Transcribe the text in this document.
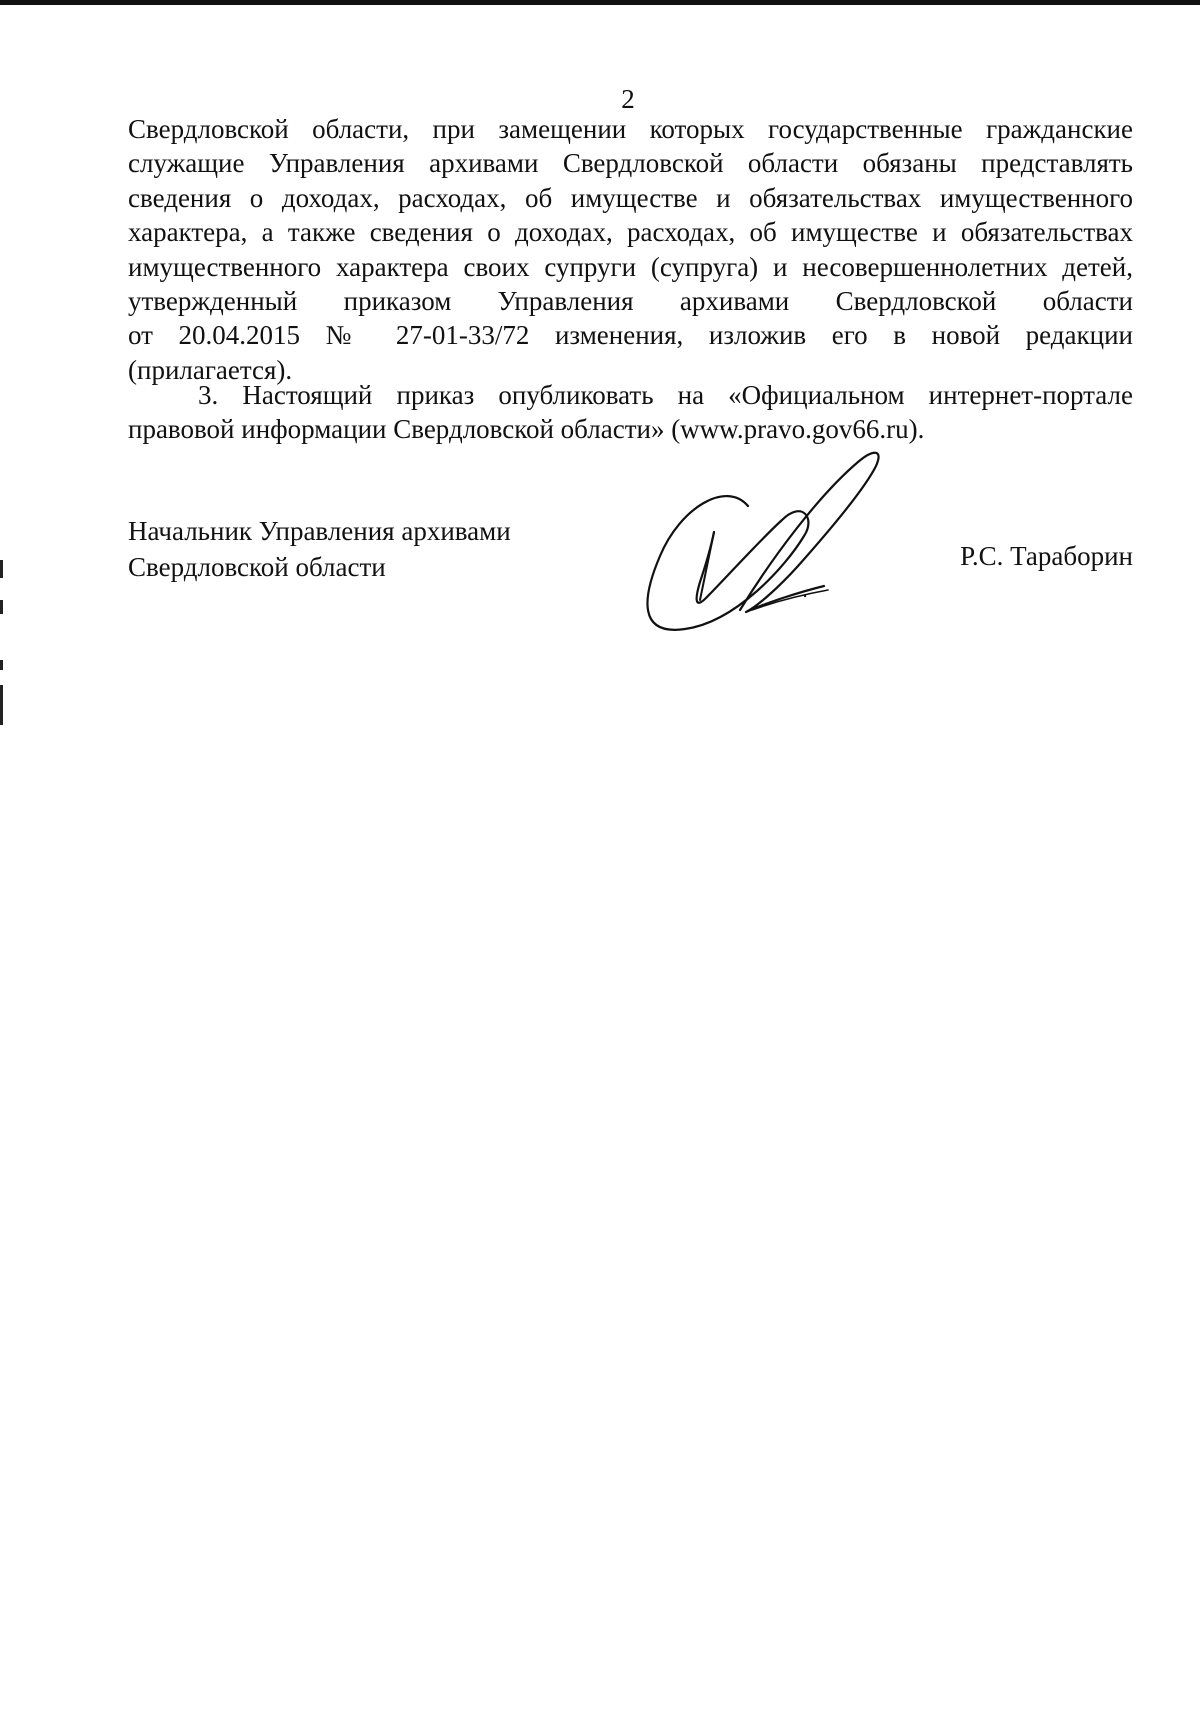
2

Свердловской области, при замещении которых государственные гражданские

служащие Управления архивами Свердловской области обязаны представлять

сведения о доходах, расходах, об имуществе и обязательствах имущественного

характера, а также сведения о доходах, расходах, об имуществе и обязательствах

имущественного характера своих супруги (супруга) и несовершеннолетних детей,

утвержденный приказом Управления архивами Свердловской области

от 20.04.2015 № 27-01-33/72 изменения, изложив его в новой редакции

(прилагается).

3. Настоящий приказ опубликовать на «Официальном интернет-портале

правовой информации Свердловской области» (www.pravo.gov66.ru).

Начальник Управления архивами
Свердловской области	Р.С. Тараборин
